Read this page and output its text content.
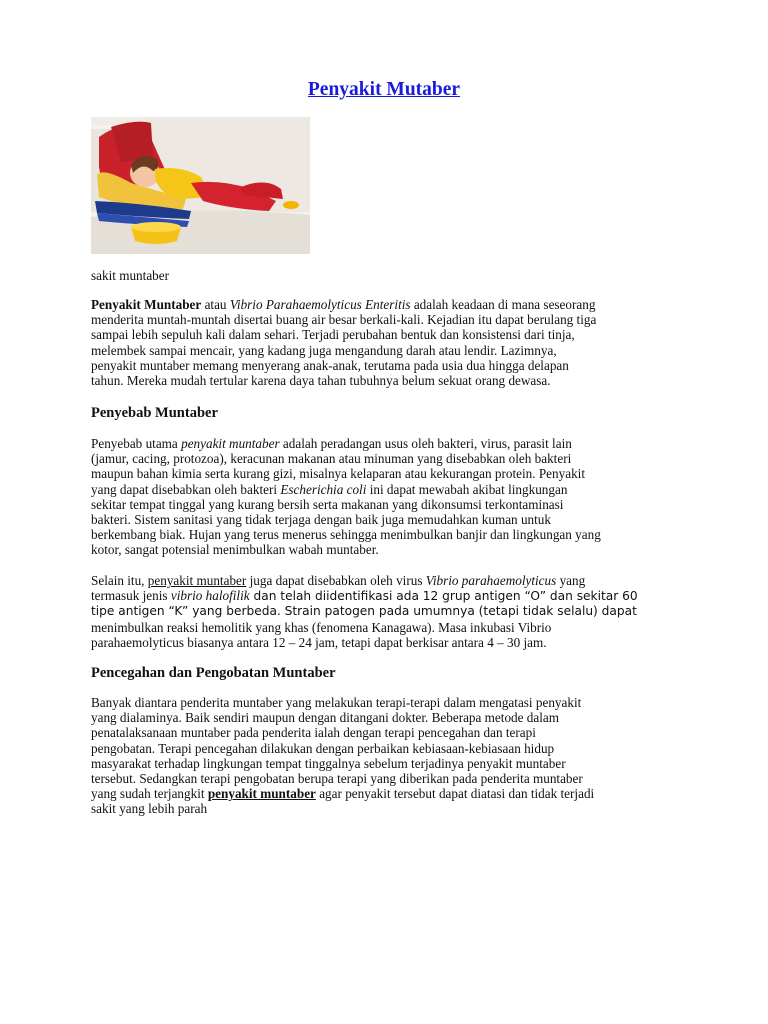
Penyakit Mutaber
sakit muntaber

Penyakit Muntaber atau Vibrio Parahaemolyticus Enteritis adalah keadaan di mana seseorang
menderita muntah-muntah disertai buang air besar berkali-kali. Kejadian itu dapat berulang tiga
sampai lebih sepuluh kali dalam sehari. Terjadi perubahan bentuk dan konsistensi dari tinja,
melembek sampai mencair, yang kadang juga mengandung darah atau lendir. Lazimnya,
penyakit muntaber memang menyerang anak-anak, terutama pada usia dua hingga delapan
tahun. Mereka mudah tertular karena daya tahan tubuhnya belum sekuat orang dewasa.

Penyebab Muntaber

Penyebab utama penyakit muntaber adalah peradangan usus oleh bakteri, virus, parasit lain
(jamur, cacing, protozoa), keracunan makanan atau minuman yang disebabkan oleh bakteri
maupun bahan kimia serta kurang gizi, misalnya kelaparan atau kekurangan protein. Penyakit
yang dapat disebabkan oleh bakteri Escherichia coli ini dapat mewabah akibat lingkungan
sekitar tempat tinggal yang kurang bersih serta makanan yang dikonsumsi terkontaminasi
bakteri. Sistem sanitasi yang tidak terjaga dengan baik juga memudahkan kuman untuk
berkembang biak. Hujan yang terus menerus sehingga menimbulkan banjir dan lingkungan yang
kotor, sangat potensial menimbulkan wabah muntaber.

Selain itu, penyakit muntaber juga dapat disebabkan oleh virus Vibrio parahaemolyticus yang
termasuk jenis vibrio halofilik dan telah diidentifikasi ada 12 grup antigen “O” dan sekitar 60
tipe antigen “K” yang berbeda. Strain patogen pada umumnya (tetapi tidak selalu) dapat
menimbulkan reaksi hemolitik yang khas (fenomena Kanagawa). Masa inkubasi Vibrio
parahaemolyticus biasanya antara 12 – 24 jam, tetapi dapat berkisar antara 4 – 30 jam.

Pencegahan dan Pengobatan Muntaber

Banyak diantara penderita muntaber yang melakukan terapi-terapi dalam mengatasi penyakit
yang dialaminya. Baik sendiri maupun dengan ditangani dokter. Beberapa metode dalam
penatalaksanaan muntaber pada penderita ialah dengan terapi pencegahan dan terapi
pengobatan. Terapi pencegahan dilakukan dengan perbaikan kebiasaan-kebiasaan hidup
masyarakat terhadap lingkungan tempat tinggalnya sebelum terjadinya penyakit muntaber
tersebut. Sedangkan terapi pengobatan berupa terapi yang diberikan pada penderita muntaber
yang sudah terjangkit penyakit muntaber agar penyakit tersebut dapat diatasi dan tidak terjadi
sakit yang lebih parah
